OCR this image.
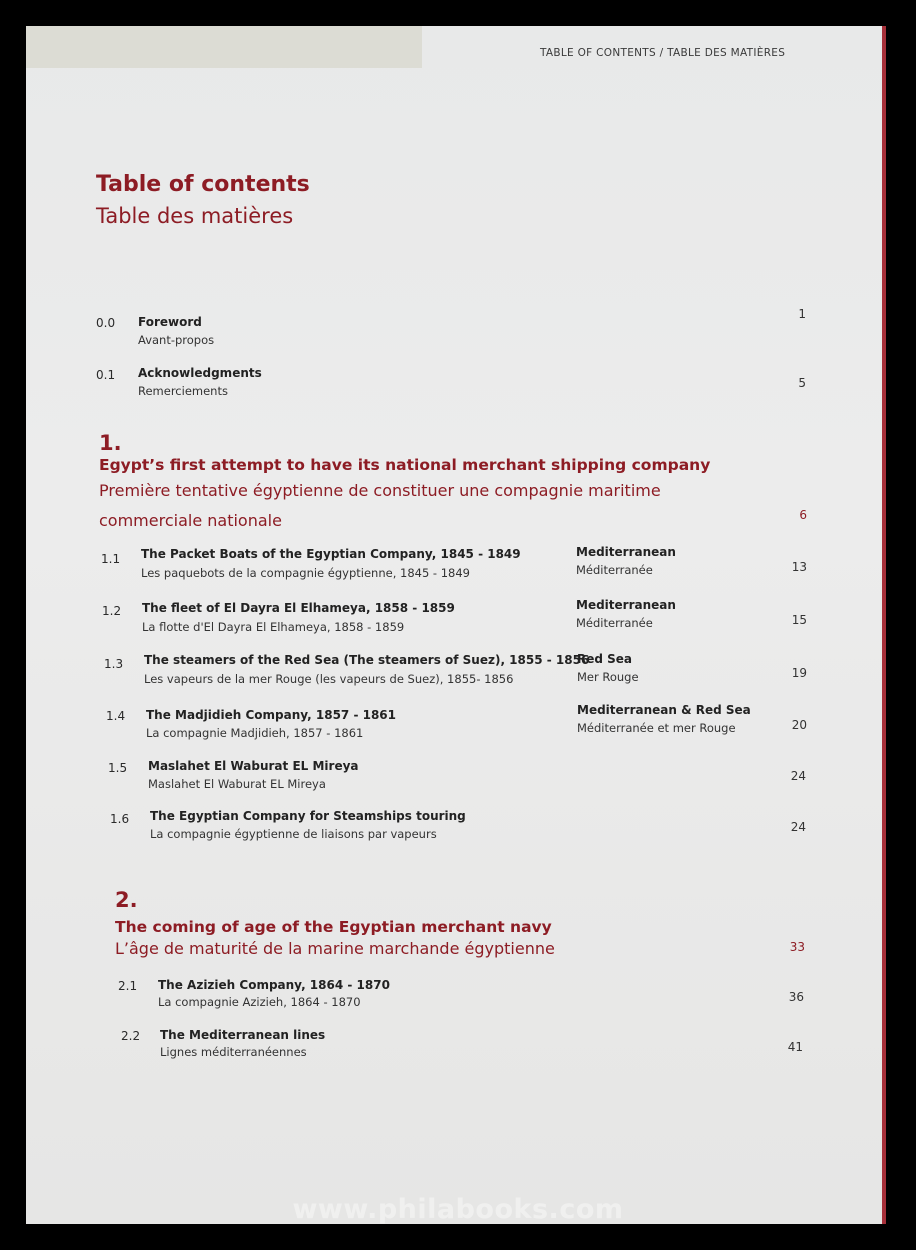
TABLE OF CONTENTS / TABLE DES MATIÈRES
Table of contents
Table des matières
0.0 Foreword
Avant-propos
1
0.1 Acknowledgments
Remerciements
5
1.
Egypt’s first attempt to have its national merchant shipping company
Première tentative égyptienne de constituer une compagnie maritime
commerciale nationale	6
1.1 The Packet Boats of the Egyptian Company, 1845 - 1849
Les paquebots de la compagnie égyptienne, 1845 - 1849
Mediterranean
Méditerranée	13
1.2 The fleet of El Dayra El Elhameya, 1858 - 1859
La flotte d'El Dayra El Elhameya, 1858 - 1859
Mediterranean
Méditerranée	15
1.3 The steamers of the Red Sea (The steamers of Suez), 1855 - 1856
Les vapeurs de la mer Rouge (les vapeurs de Suez), 1855- 1856
Red Sea
Mer Rouge	19
1.4 The Madjidieh Company, 1857 - 1861
La compagnie Madjidieh, 1857 - 1861
Mediterranean & Red Sea
Méditerranée et mer Rouge	20
1.5 Maslahet El Waburat EL Mireya
Maslahet El Waburat EL Mireya
24
1.6 The Egyptian Company for Steamships touring
La compagnie égyptienne de liaisons par vapeurs	24
2.
The coming of age of the Egyptian merchant navy
L’âge de maturité de la marine marchande égyptienne	33
2.1 The Azizieh Company, 1864 - 1870
La compagnie Azizieh, 1864 - 1870	36
2.2 The Mediterranean lines
Lignes méditerranéennes	41
www.philabooks.com
